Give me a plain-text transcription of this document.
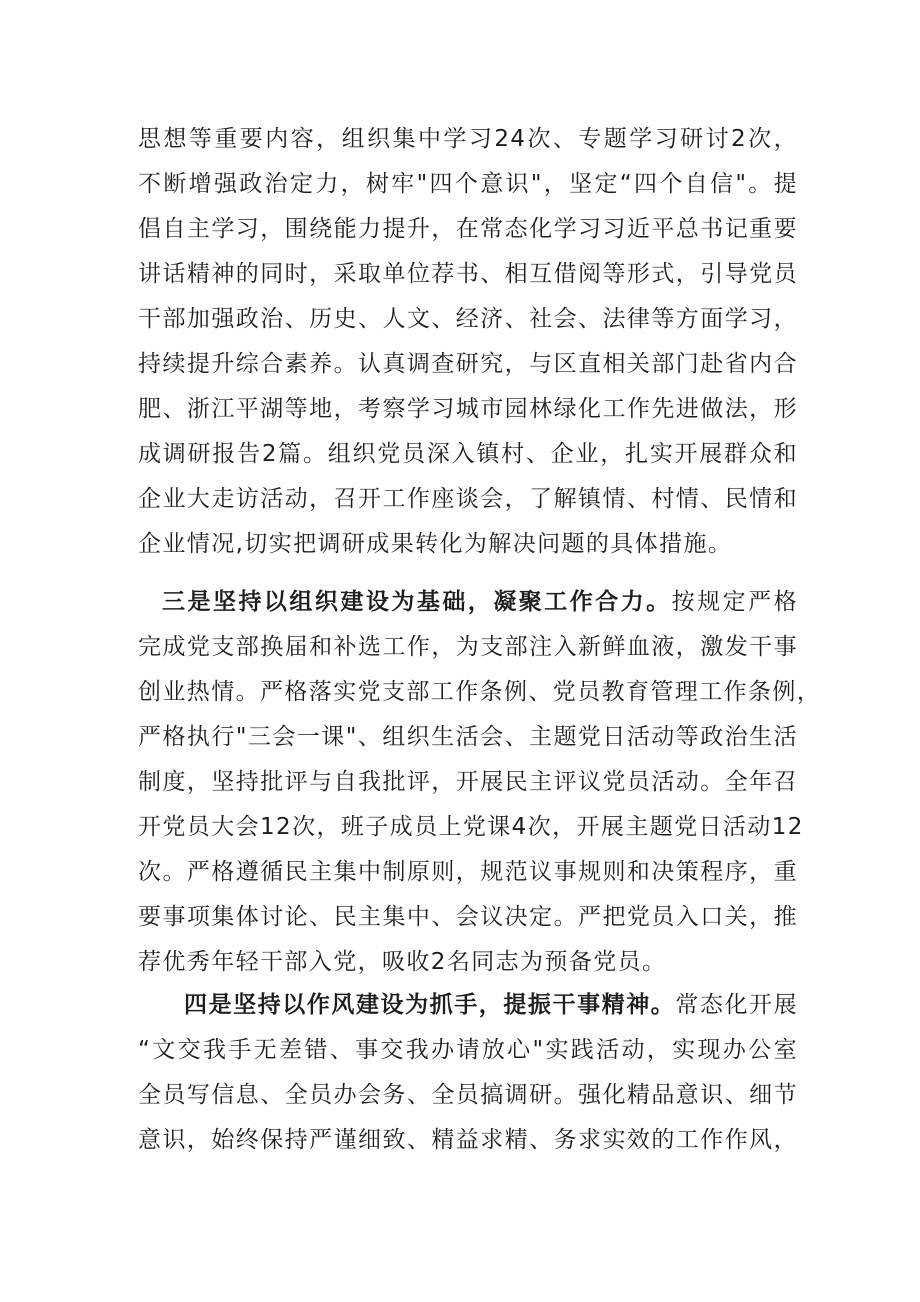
思想等重要内容，组织集中学习24次、专题学习研讨2次，
不断增强政治定力，树牢"四个意识"，坚定“四个自信"。提
倡自主学习，围绕能力提升，在常态化学习习近平总书记重要
讲话精神的同时，采取单位荐书、相互借阅等形式，引导党员
干部加强政治、历史、人文、经济、社会、法律等方面学习，
持续提升综合素养。认真调查研究，与区直相关部门赴省内合
肥、浙江平湖等地，考察学习城市园林绿化工作先进做法，形
成调研报告2篇。组织党员深入镇村、企业，扎实开展群众和
企业大走访活动，召开工作座谈会，了解镇情、村情、民情和
企业情况,切实把调研成果转化为解决问题的具体措施。
三是坚持以组织建设为基础，凝聚工作合力。按规定严格
完成党支部换届和补选工作，为支部注入新鲜血液，激发干事
创业热情。严格落实党支部工作条例、党员教育管理工作条例，
严格执行"三会一课"、组织生活会、主题党日活动等政治生活
制度，坚持批评与自我批评，开展民主评议党员活动。全年召
开党员大会12次，班子成员上党课4次，开展主题党日活动12
次。严格遵循民主集中制原则，规范议事规则和决策程序，重
要事项集体讨论、民主集中、会议决定。严把党员入口关，推
荐优秀年轻干部入党，吸收2名同志为预备党员。
四是坚持以作风建设为抓手，提振干事精神。常态化开展
“文交我手无差错、事交我办请放心"实践活动，实现办公室
全员写信息、全员办会务、全员搞调研。强化精品意识、细节
意识，始终保持严谨细致、精益求精、务求实效的工作作风，
